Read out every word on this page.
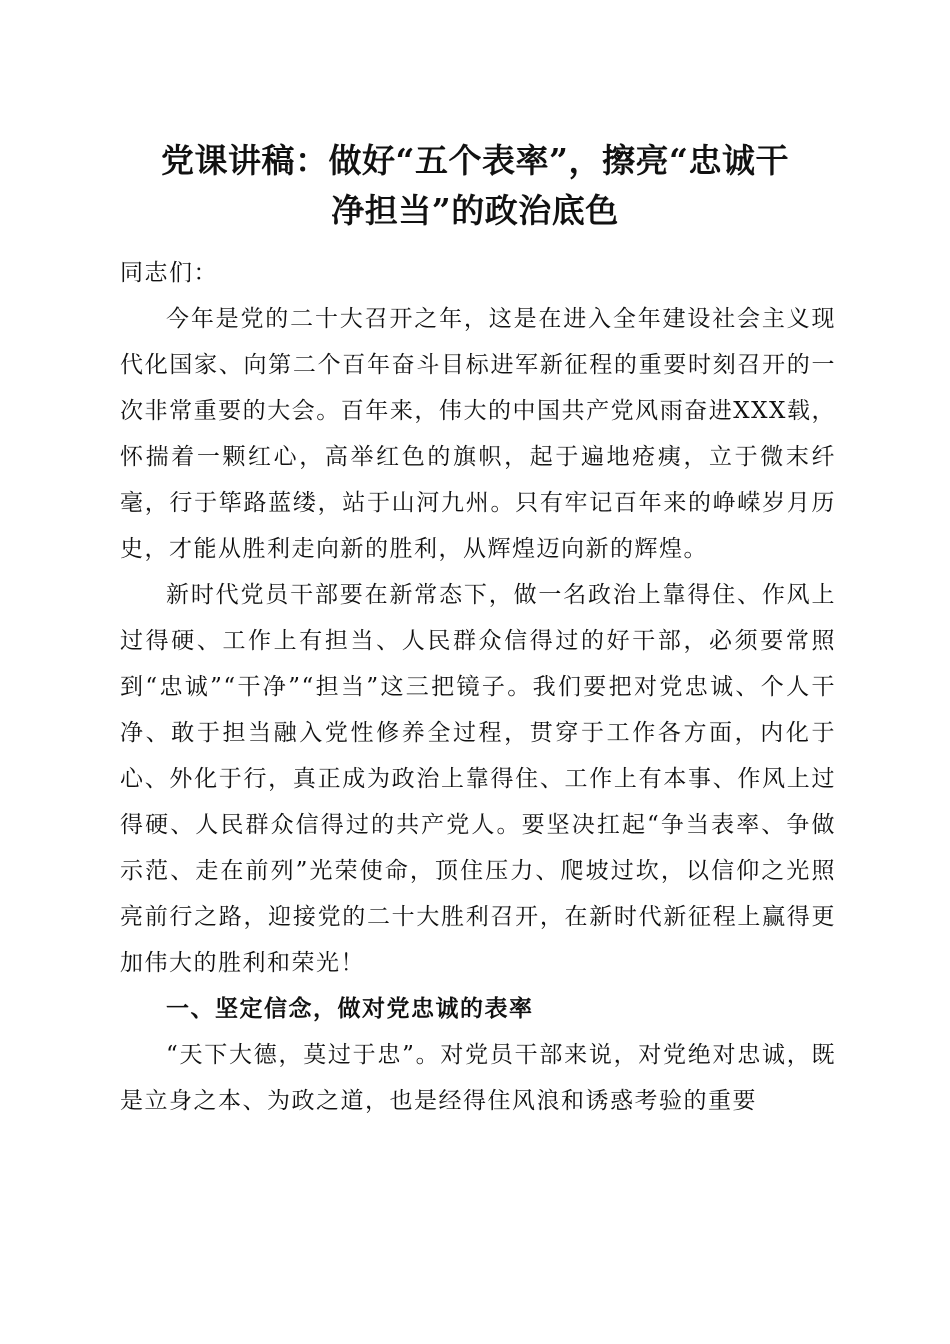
党课讲稿：做好“五个表率”，擦亮“忠诚干
净担当”的政治底色

同志们：

今年是党的二十大召开之年，这是在进入全年建设社会主义现代化国家、向第二个百年奋斗目标进军新征程的重要时刻召开的一次非常重要的大会。百年来，伟大的中国共产党风雨奋进XXX载，怀揣着一颗红心，高举红色的旗帜，起于遍地疮痍，立于微末纤毫，行于筚路蓝缕，站于山河九州。只有牢记百年来的峥嵘岁月历史，才能从胜利走向新的胜利，从辉煌迈向新的辉煌。

新时代党员干部要在新常态下，做一名政治上靠得住、作风上过得硬、工作上有担当、人民群众信得过的好干部，必须要常照到“忠诚”“干净”“担当”这三把镜子。我们要把对党忠诚、个人干净、敢于担当融入党性修养全过程，贯穿于工作各方面，内化于心、外化于行，真正成为政治上靠得住、工作上有本事、作风上过得硬、人民群众信得过的共产党人。要坚决扛起“争当表率、争做示范、走在前列”光荣使命，顶住压力、爬坡过坎，以信仰之光照亮前行之路，迎接党的二十大胜利召开，在新时代新征程上赢得更加伟大的胜利和荣光！

一、坚定信念，做对党忠诚的表率

“天下大德，莫过于忠”。对党员干部来说，对党绝对忠诚，既是立身之本、为政之道，也是经得住风浪和诱惑考验的重要
